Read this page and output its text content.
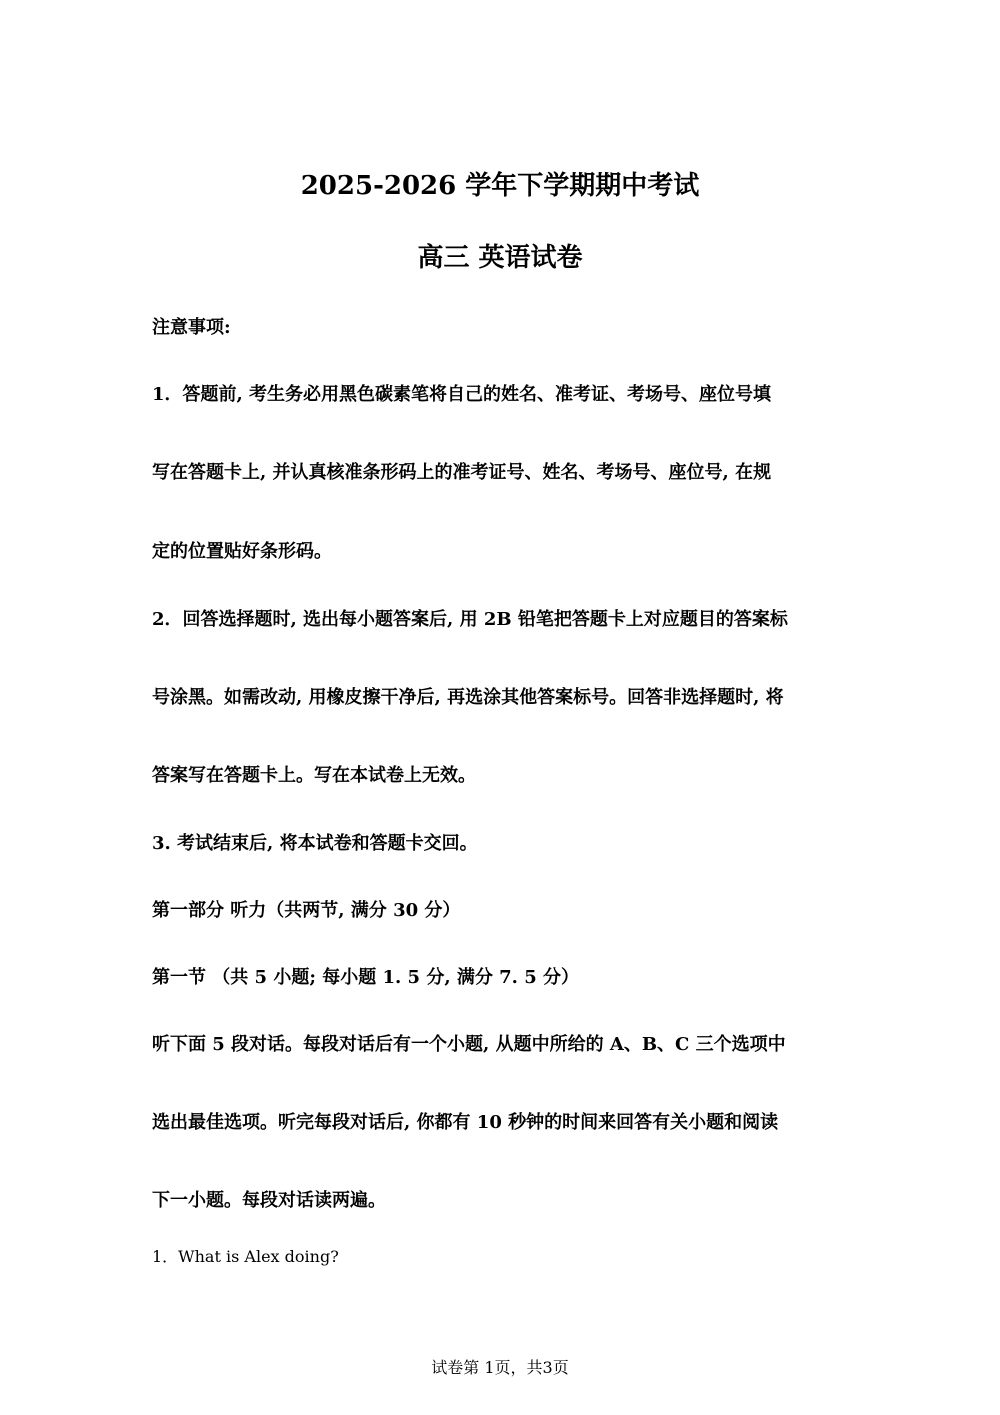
2025-2026 学年下学期期中考试
高三 英语试卷
注意事项:
1．答题前, 考生务必用黑色碳素笔将自己的姓名、准考证、考场号、座位号填
写在答题卡上, 并认真核准条形码上的准考证号、姓名、考场号、座位号, 在规
定的位置贴好条形码。
2．回答选择题时, 选出每小题答案后, 用 2B 铅笔把答题卡上对应题目的答案标
号涂黑。如需改动, 用橡皮擦干净后, 再选涂其他答案标号。回答非选择题时, 将
答案写在答题卡上。写在本试卷上无效。
3. 考试结束后, 将本试卷和答题卡交回。
第一部分 听力（共两节, 满分 30 分）
第一节 （共 5 小题; 每小题 1. 5 分, 满分 7. 5 分）
听下面 5 段对话。每段对话后有一个小题, 从题中所给的 A、B、C 三个选项中
选出最佳选项。听完每段对话后, 你都有 10 秒钟的时间来回答有关小题和阅读
下一小题。每段对话读两遍。
1．What is Alex doing?
试卷第 1页，共3页
